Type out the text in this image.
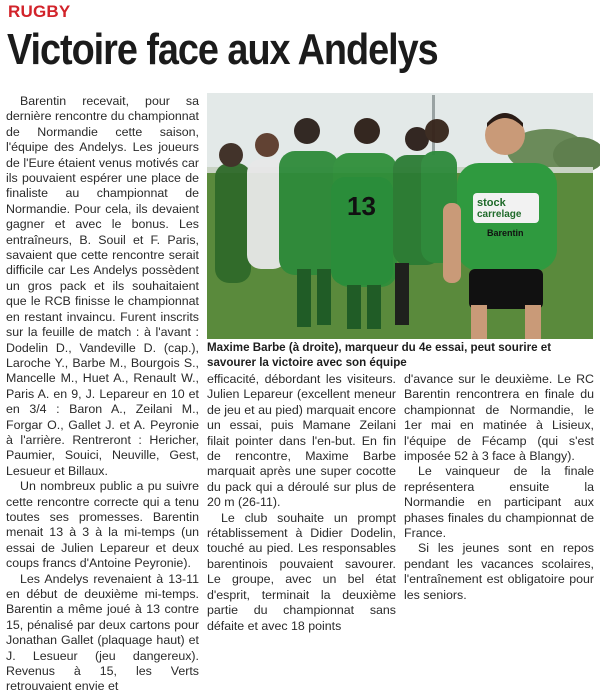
RUGBY
Victoire face aux Andelys

Barentin recevait, pour sa dernière rencontre du championnat de Normandie cette saison, l'équipe des Andelys. Les joueurs de l'Eure étaient venus motivés car ils pouvaient espérer une place de finaliste au championnat de Normandie. Pour cela, ils devaient gagner et avec le bonus. Les entraîneurs, B. Souil et F. Paris, savaient que cette rencontre serait difficile car Les Andelys possèdent un gros pack et ils souhaitaient que le RCB finisse le championnat en restant invaincu. Furent inscrits sur la feuille de match : à l'avant : Dodelin D., Vandeville D. (cap.), Laroche Y., Barbe M., Bourgois S., Mancelle M., Huet A., Renault W., Paris A. en 9, J. Lepareur en 10 et en 3/4 : Baron A., Zeilani M., Forgar O., Gallet J. et A. Peyronie à l'arrière. Rentreront : Hericher, Paumier, Souici, Neuville, Gest, Lesueur et Billaux.

Un nombreux public a pu suivre cette rencontre correcte qui a tenu toutes ses promesses. Barentin menait 13 à 3 à la mi-temps (un essai de Julien Lepareur et deux coups francs d'Antoine Peyronie).

Les Andelys revenaient à 13-11 en début de deuxième mi-temps. Barentin a même joué à 13 contre 15, pénalisé par deux cartons pour Jonathan Gallet (plaquage haut) et J. Lesueur (jeu dangereux). Revenus à 15, les Verts retrouvaient envie et

stock
carrelage
Barentin
13
Maxime Barbe (à droite), marqueur du 4e essai, peut sourire et savourer la victoire avec son équipe

efficacité, débordant les visiteurs. Julien Lepareur (excellent meneur de jeu et au pied) marquait encore un essai, puis Mamane Zeilani filait pointer dans l'en-but. En fin de rencontre, Maxime Barbe marquait après une super cocotte du pack qui a déroulé sur plus de 20 m (26-11).

Le club souhaite un prompt rétablissement à Didier Dodelin, touché au pied. Les responsables barentinois pouvaient savourer. Le groupe, avec un bel état d'esprit, terminait la deuxième partie du championnat sans défaite et avec 18 points

d'avance sur le deuxième. Le RC Barentin rencontrera en finale du championnat de Normandie, le 1er mai en matinée à Lisieux, l'équipe de Fécamp (qui s'est imposée 52 à 3 face à Blangy).

Le vainqueur de la finale représentera ensuite la Normandie en participant aux phases finales du championnat de France.

Si les jeunes sont en repos pendant les vacances scolaires, l'entraînement est obligatoire pour les seniors.
